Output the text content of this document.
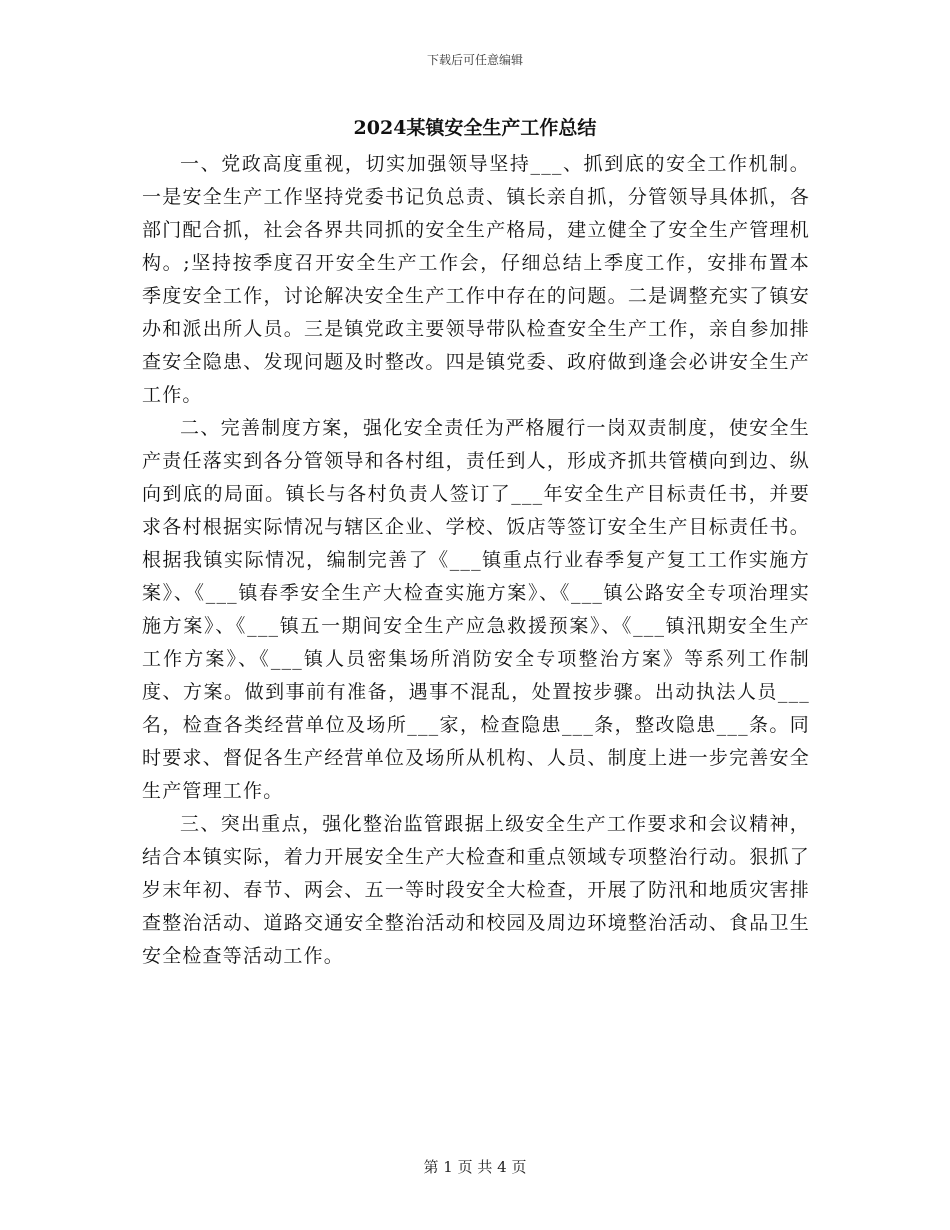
下载后可任意编辑
2024某镇安全生产工作总结

一、党政高度重视，切实加强领导坚持___、抓到底的安全工作机制。一是安全生产工作坚持党委书记负总责、镇长亲自抓，分管领导具体抓，各部门配合抓，社会各界共同抓的安全生产格局，建立健全了安全生产管理机构。;坚持按季度召开安全生产工作会，仔细总结上季度工作，安排布置本季度安全工作，讨论解决安全生产工作中存在的问题。二是调整充实了镇安办和派出所人员。三是镇党政主要领导带队检查安全生产工作，亲自参加排查安全隐患、发现问题及时整改。四是镇党委、政府做到逢会必讲安全生产工作。

二、完善制度方案，强化安全责任为严格履行一岗双责制度，使安全生产责任落实到各分管领导和各村组，责任到人，形成齐抓共管横向到边、纵向到底的局面。镇长与各村负责人签订了___年安全生产目标责任书，并要求各村根据实际情况与辖区企业、学校、饭店等签订安全生产目标责任书。根据我镇实际情况，编制完善了《___镇重点行业春季复产复工工作实施方案》、《___镇春季安全生产大检查实施方案》、《___镇公路安全专项治理实施方案》、《___镇五一期间安全生产应急救援预案》、《___镇汛期安全生产工作方案》、《___镇人员密集场所消防安全专项整治方案》等系列工作制度、方案。做到事前有准备，遇事不混乱，处置按步骤。出动执法人员___名，检查各类经营单位及场所___家，检查隐患___条，整改隐患___条。同时要求、督促各生产经营单位及场所从机构、人员、制度上进一步完善安全生产管理工作。

三、突出重点，强化整治监管跟据上级安全生产工作要求和会议精神，结合本镇实际，着力开展安全生产大检查和重点领域专项整治行动。狠抓了岁末年初、春节、两会、五一等时段安全大检查，开展了防汛和地质灾害排查整治活动、道路交通安全整治活动和校园及周边环境整治活动、食品卫生安全检查等活动工作。

第 1 页 共 4 页
